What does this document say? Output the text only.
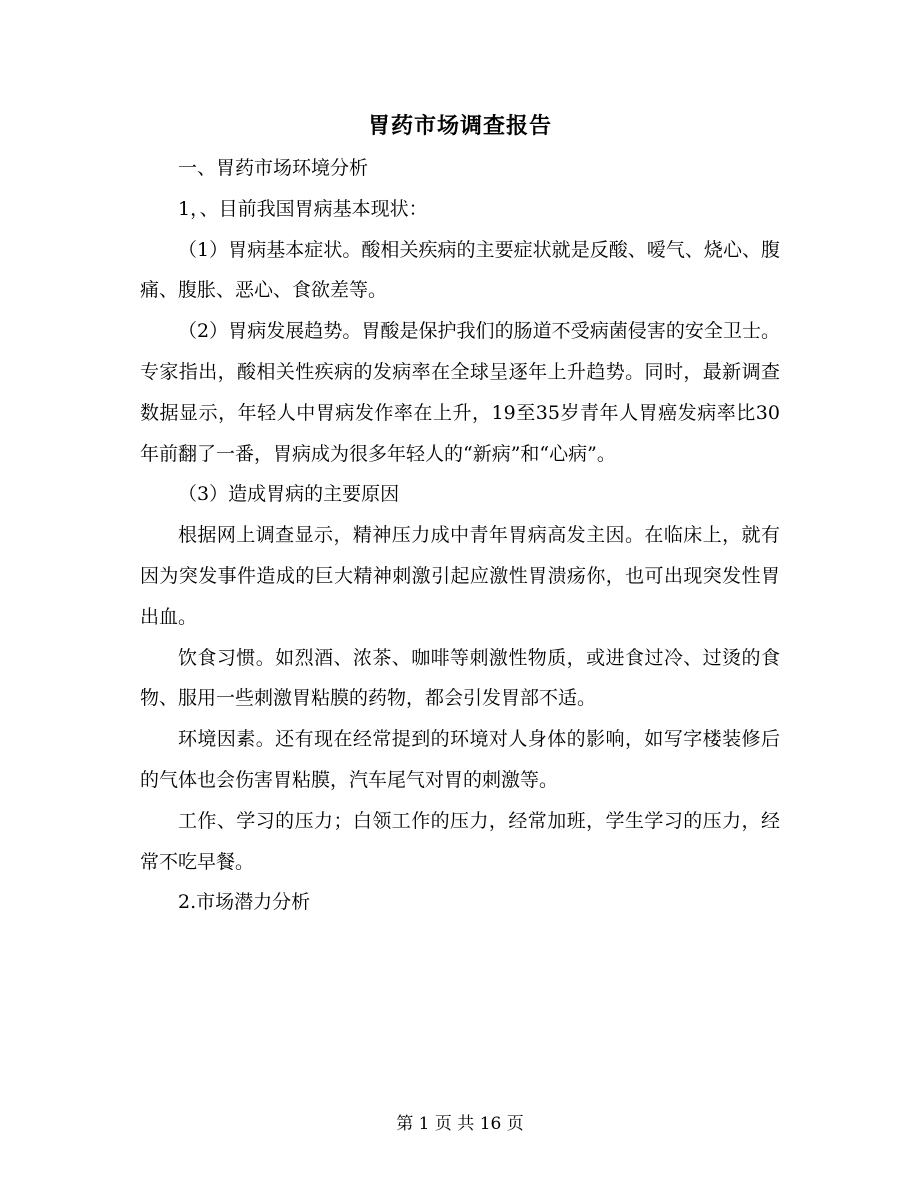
胃药市场调查报告

一、胃药市场环境分析

1，、目前我国胃病基本现状：

（1）胃病基本症状。酸相关疾病的主要症状就是反酸、嗳气、烧心、腹痛、腹胀、恶心、食欲差等。

（2）胃病发展趋势。胃酸是保护我们的肠道不受病菌侵害的安全卫士。专家指出，酸相关性疾病的发病率在全球呈逐年上升趋势。同时，最新调查数据显示，年轻人中胃病发作率在上升，19至35岁青年人胃癌发病率比30年前翻了一番，胃病成为很多年轻人的“新病”和“心病”。

（3）造成胃病的主要原因

根据网上调查显示，精神压力成中青年胃病高发主因。在临床上，就有因为突发事件造成的巨大精神刺激引起应激性胃溃疡你，也可出现突发性胃出血。

饮食习惯。如烈酒、浓茶、咖啡等刺激性物质，或进食过冷、过烫的食物、服用一些刺激胃粘膜的药物，都会引发胃部不适。

环境因素。还有现在经常提到的环境对人身体的影响，如写字楼装修后的气体也会伤害胃粘膜，汽车尾气对胃的刺激等。

工作、学习的压力；白领工作的压力，经常加班，学生学习的压力，经常不吃早餐。

2.市场潜力分析

第 1 页 共 16 页
